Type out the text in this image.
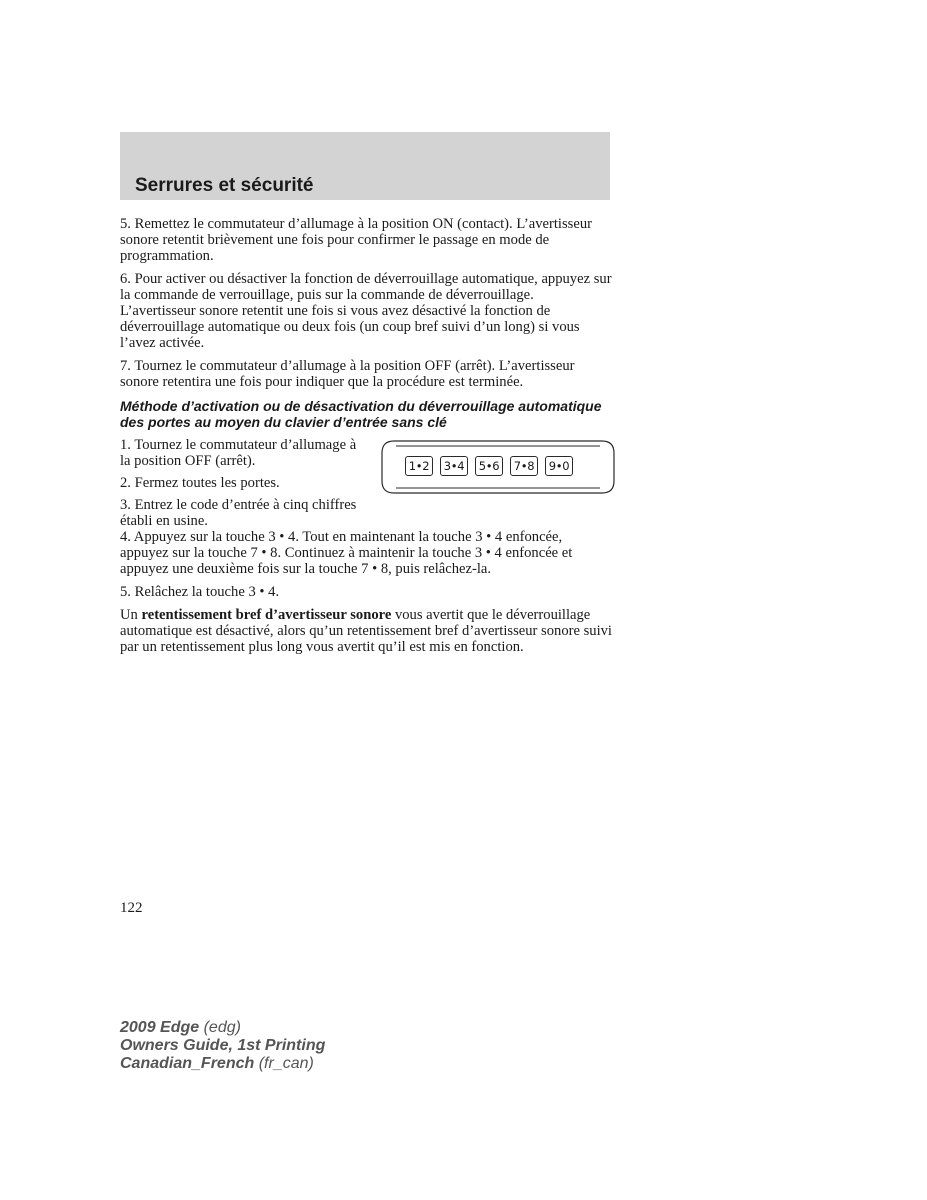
Serrures et sécurité

5. Remettez le commutateur d’allumage à la position ON (contact). L’avertisseur sonore retentit brièvement une fois pour confirmer le passage en mode de programmation.

6. Pour activer ou désactiver la fonction de déverrouillage automatique, appuyez sur la commande de verrouillage, puis sur la commande de déverrouillage. L’avertisseur sonore retentit une fois si vous avez désactivé la fonction de déverrouillage automatique ou deux fois (un coup bref suivi d’un long) si vous l’avez activée.

7. Tournez le commutateur d’allumage à la position OFF (arrêt). L’avertisseur sonore retentira une fois pour indiquer que la procédure est terminée.

Méthode d’activation ou de désactivation du déverrouillage automatique des portes au moyen du clavier d’entrée sans clé

1. Tournez le commutateur d’allumage à la position OFF (arrêt).

2. Fermez toutes les portes.

3. Entrez le code d’entrée à cinq chiffres établi en usine.

1•2	3•4	5•6	7•8	9•0

4. Appuyez sur la touche 3 • 4. Tout en maintenant la touche 3 • 4 enfoncée, appuyez sur la touche 7 • 8. Continuez à maintenir la touche 3 • 4 enfoncée et appuyez une deuxième fois sur la touche 7 • 8, puis relâchez-la.

5. Relâchez la touche 3 • 4.

Un retentissement bref d’avertisseur sonore vous avertit que le déverrouillage automatique est désactivé, alors qu’un retentissement bref d’avertisseur sonore suivi par un retentissement plus long vous avertit qu’il est mis en fonction.

122
2009 Edge (edg)
Owners Guide, 1st Printing
Canadian_French (fr_can)
